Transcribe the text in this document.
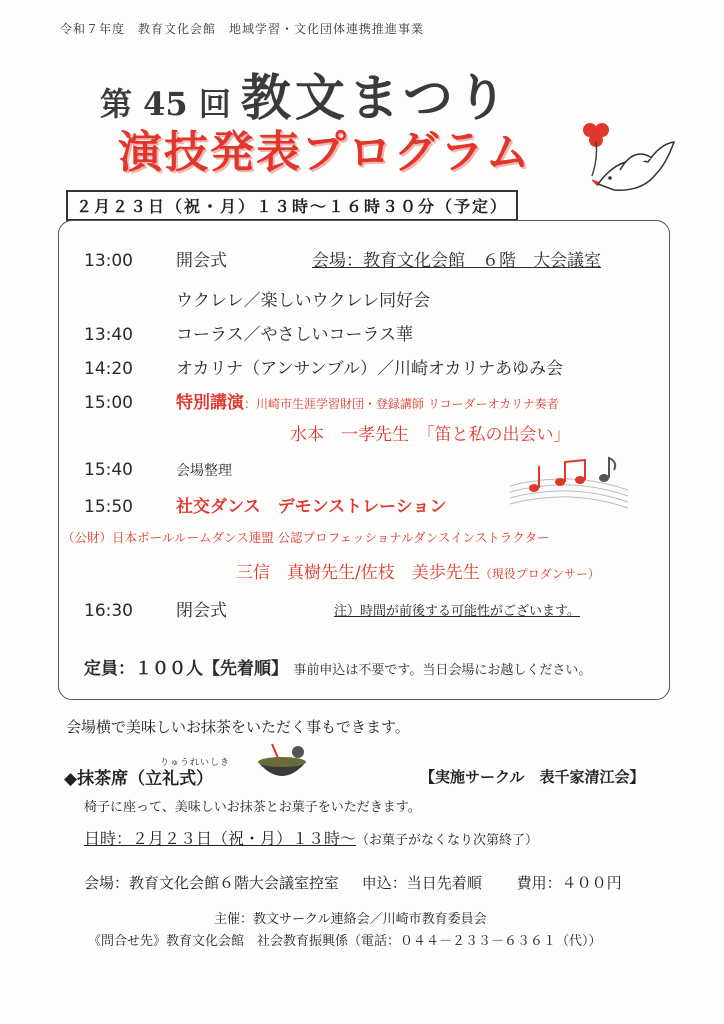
令和７年度　教育文化会館　地域学習・文化団体連携推進事業
第 45 回 教文まつり
演技発表プログラム
２月２３日（祝・月）１３時〜１６時３０分（予定）
13:00	開会式	会場：教育文化会館　６階　大会議室
ウクレレ／楽しいウクレレ同好会
13:40	コーラス／やさしいコーラス華
14:20	オカリナ（アンサンブル）／川崎オカリナあゆみ会
15:00	特別講演：川崎市生涯学習財団・登録講師 リコーダーオカリナ奏者
水本　一孝先生　「笛と私の出会い」
15:40	会場整理
15:50	社交ダンス　デモンストレーション
（公財）日本ボールルームダンス連盟 公認プロフェッショナルダンスインストラクター
三信　真樹先生/佐枝　美歩先生（現役プロダンサー）
16:30	閉会式	注）時間が前後する可能性がございます。
定員：１００人【先着順】 事前申込は不要です。当日会場にお越しください。
会場横で美味しいお抹茶をいただく事もできます。
りゅうれいしき
◆抹茶席（立礼式）	【実施サークル　表千家清江会】
椅子に座って、美味しいお抹茶とお菓子をいただきます。
日時：２月２３日（祝・月）１３時〜（お菓子がなくなり次第終了）
会場：教育文化会館６階大会議室控室 申込：当日先着順 費用：４００円
主催：教文サークル連絡会／川崎市教育委員会
《問合せ先》教育文化会館　社会教育振興係（電話：０４４－２３３－６３６１（代））
